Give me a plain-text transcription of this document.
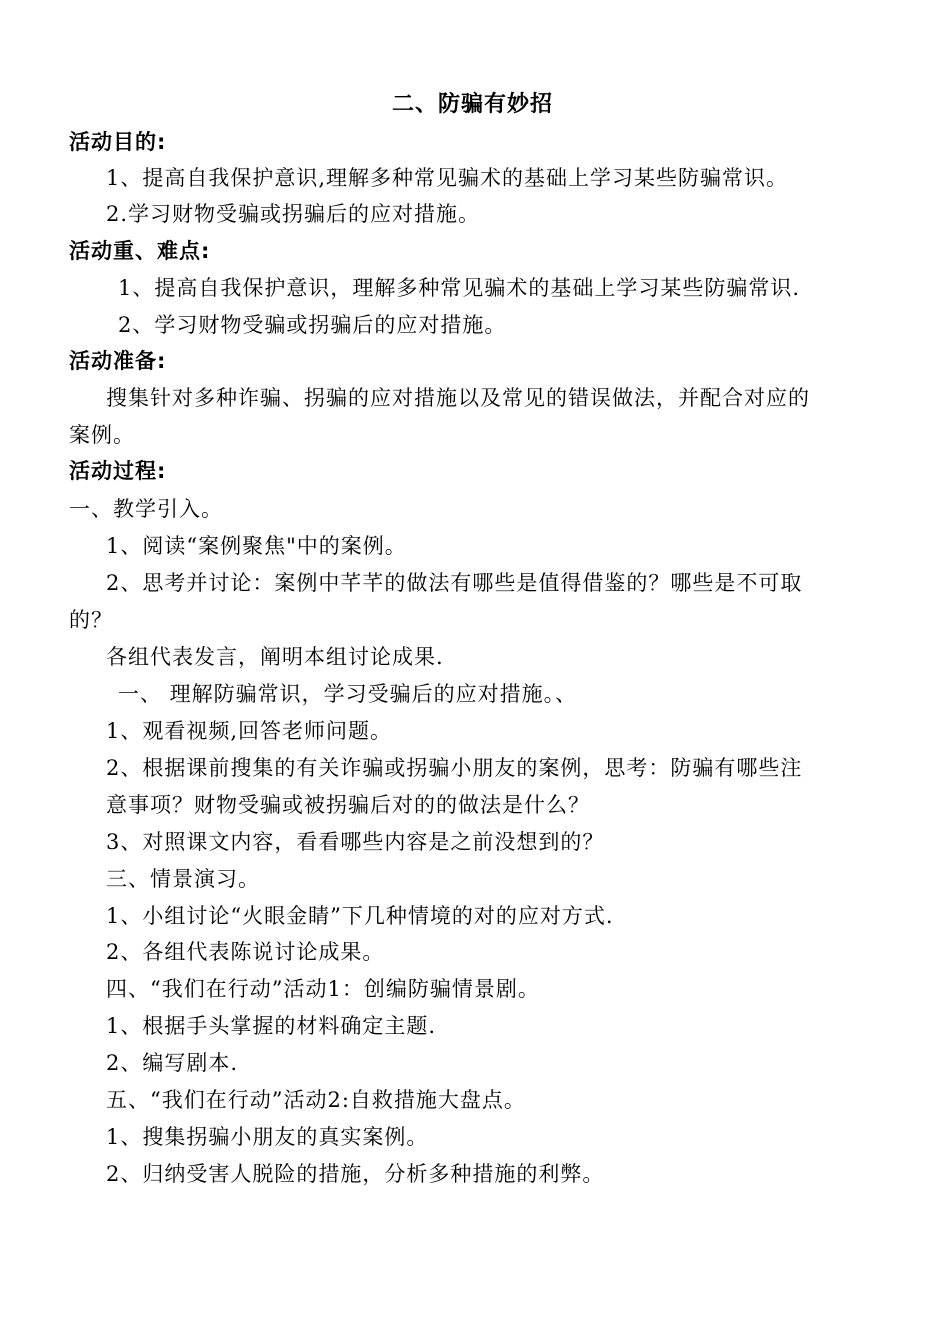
二、防骗有妙招
活动目的:
1、提高自我保护意识,理解多种常见骗术的基础上学习某些防骗常识。
2.学习财物受骗或拐骗后的应对措施。
活动重、难点:
1、提高自我保护意识，理解多种常见骗术的基础上学习某些防骗常识.
2、学习财物受骗或拐骗后的应对措施。
活动准备:
搜集针对多种诈骗、拐骗的应对措施以及常见的错误做法，并配合对应的
案例。
活动过程:
一、教学引入。
1、阅读“案例聚焦"中的案例。
2、思考并讨论：案例中芊芊的做法有哪些是值得借鉴的？哪些是不可取
的？
各组代表发言，阐明本组讨论成果.
一、 理解防骗常识，学习受骗后的应对措施。、
1、观看视频,回答老师问题。
2、根据课前搜集的有关诈骗或拐骗小朋友的案例，思考：防骗有哪些注
意事项？财物受骗或被拐骗后对的的做法是什么？
3、对照课文内容，看看哪些内容是之前没想到的？
三、情景演习。
1、小组讨论“火眼金睛”下几种情境的对的应对方式.
2、各组代表陈说讨论成果。
四、“我们在行动”活动1：创编防骗情景剧。
1、根据手头掌握的材料确定主题.
2、编写剧本.
五、“我们在行动”活动2:自救措施大盘点。
1、搜集拐骗小朋友的真实案例。
2、归纳受害人脱险的措施，分析多种措施的利弊。
